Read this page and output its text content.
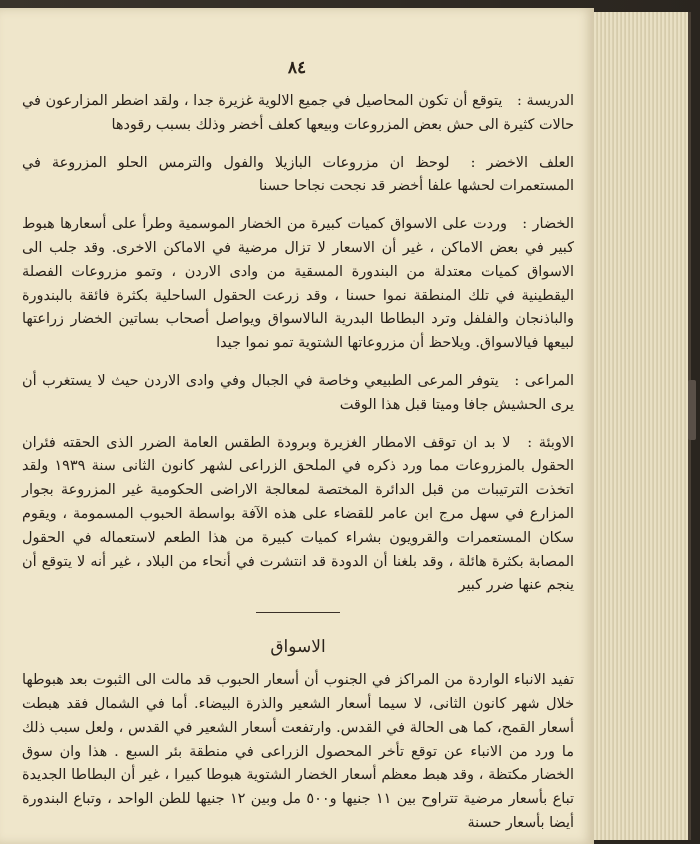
٨٤

الدريسة : يتوقع أن تكون المحاصيل في جميع الالوية غزيرة جدا ، ولقد اضطر المزارعون في حالات كثيرة الى حش بعض المزروعات وبيعها كعلف أخضر وذلك بسبب رقودها

العلف الاخضر : لوحظ ان مزروعات البازيلا والفول والترمس الحلو المزروعة في المستعمرات لحشها علفا أخضر قد نجحت نجاحا حسنا

الخضار : وردت على الاسواق كميات كبيرة من الخضار الموسمية وطرأ على أسعارها هبوط كبير في بعض الاماكن ، غير أن الاسعار لا تزال مرضية في الاماكن الاخرى. وقد جلب الى الاسواق كميات معتدلة من البندورة المسقية من وادى الاردن ، وتمو مزروعات الفصلة اليقطينية في تلك المنطقة نموا حسنا ، وقد زرعت الحقول الساحلية بكثرة فائقة بالبندورة والباذنجان والفلفل وترد البطاطا البدرية الىالاسواق ويواصل أصحاب بساتين الخضار زراعتها لبيعها فيالاسواق. ويلاحظ أن مزروعاتها الشتوية تمو نموا جيدا

المراعى : يتوفر المرعى الطبيعي وخاصة في الجبال وفي وادى الاردن حيث لا يستغرب أن يرى الحشيش جافا وميتا قبل هذا الوقت

الاوبئة : لا بد ان توقف الامطار الغزيرة وبرودة الطقس العامة الضرر الذى الحقته فئران الحقول بالمزروعات مما ورد ذكره في الملحق الزراعى لشهر كانون الثانى سنة ١٩٣٩ ولقد اتخذت الترتيبات من قبل الدائرة المختصة لمعالجة الاراضى الحكومية غير المزروعة بجوار المزارع في سهل مرج ابن عامر للقضاء على هذه الآفة بواسطة الحبوب المسمومة ، ويقوم سكان المستعمرات والقرويون بشراء كميات كبيرة من هذا الطعم لاستعماله في الحقول المصابة بكثرة هائلة ، وقد بلغنا أن الدودة قد انتشرت في أنحاء من البلاد ، غير أنه لا يتوقع أن ينجم عنها ضرر كبير

الاسواق

تفيد الانباء الواردة من المراكز في الجنوب أن أسعار الحبوب قد مالت الى الثبوت بعد هبوطها خلال شهر كانون الثانى، لا سيما أسعار الشعير والذرة البيضاء. أما في الشمال فقد هبطت أسعار القمح، كما هى الحالة في القدس. وارتفعت أسعار الشعير في القدس ، ولعل سبب ذلك ما ورد من الانباء عن توقع تأخر المحصول الزراعى في منطقة بئر السبع . هذا وان سوق الخضار مكتظة ، وقد هبط معظم أسعار الخضار الشتوية هبوطا كبيرا ، غير أن البطاطا الجديدة تباع بأسعار مرضية تتراوح بين ١١ جنيها و٥٠٠ مل وبين ١٢ جنيها للطن الواحد ، وتباع البندورة أيضا بأسعار حسنة
